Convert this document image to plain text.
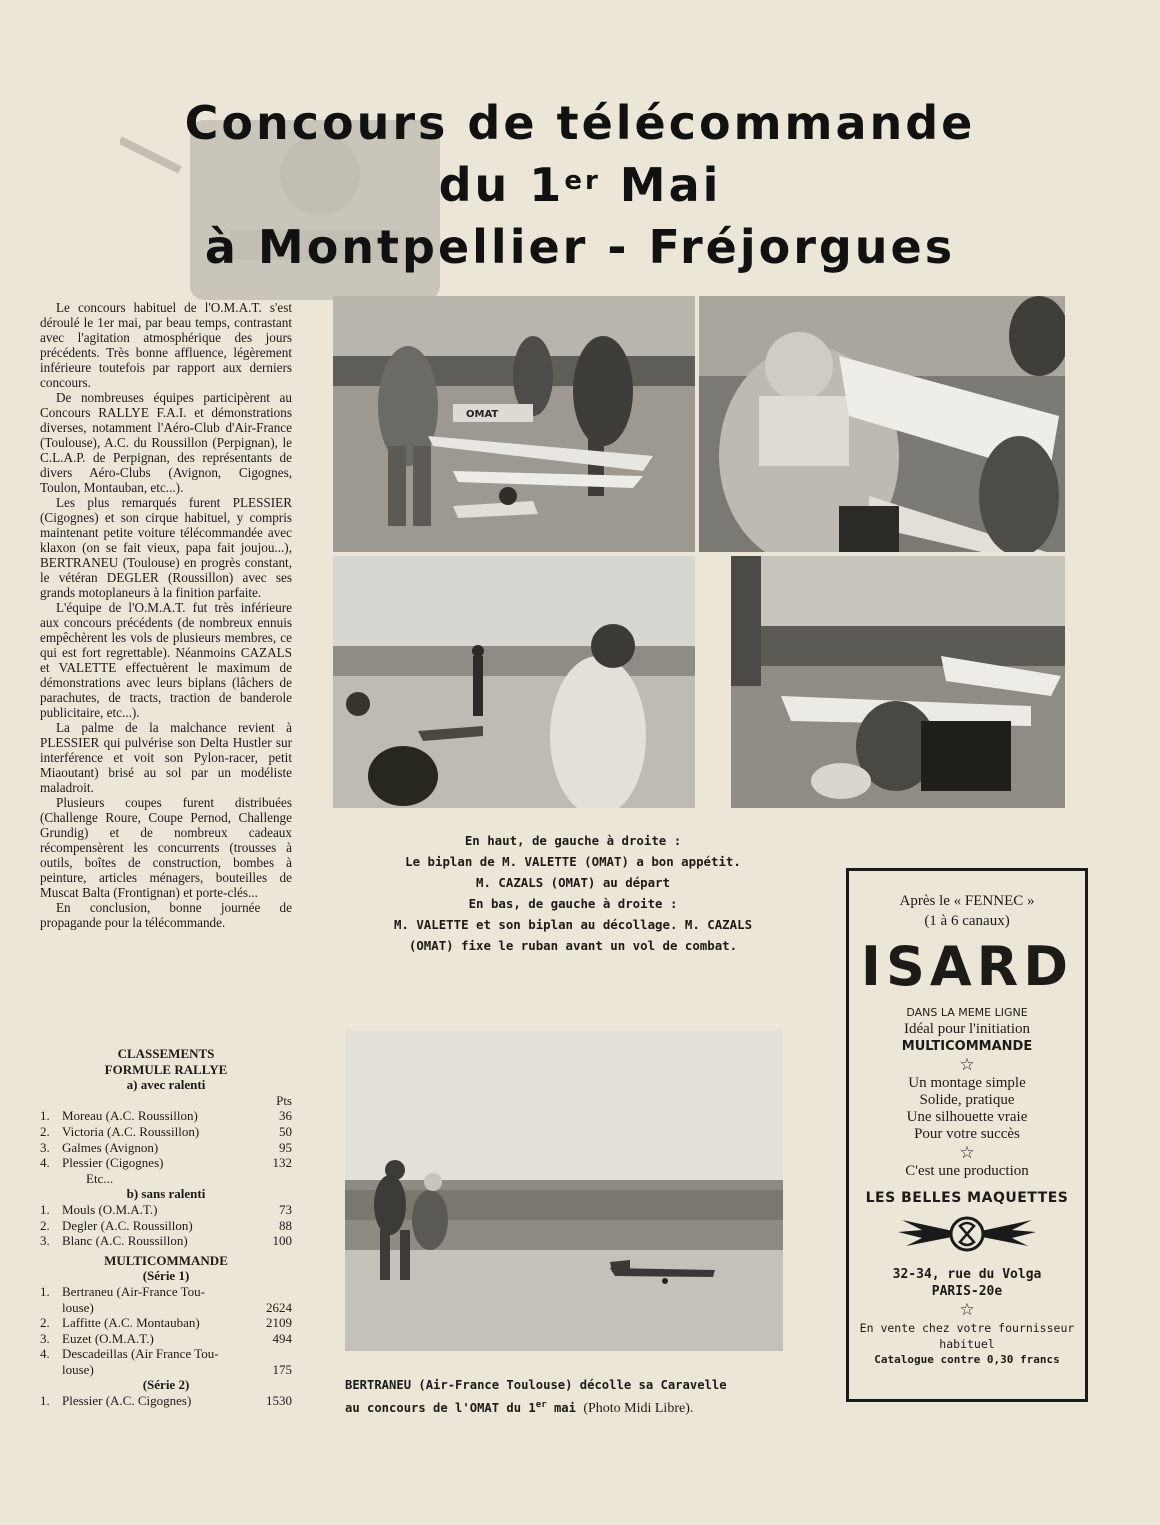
Concours de télécommande
du 1er Mai
à Montpellier - Fréjorgues

Le concours habituel de l'O.M.A.T. s'est déroulé le 1er mai, par beau temps, contrastant avec l'agitation atmosphérique des jours précédents. Très bonne affluence, légèrement inférieure toutefois par rapport aux derniers concours.

De nombreuses équipes participèrent au Concours RALLYE F.A.I. et démonstrations diverses, notamment l'Aéro-Club d'Air-France (Toulouse), A.C. du Roussillon (Perpignan), le C.L.A.P. de Perpignan, des représentants de divers Aéro-Clubs (Avignon, Cigognes, Toulon, Montauban, etc...).

Les plus remarqués furent PLESSIER (Cigognes) et son cirque habituel, y compris maintenant petite voiture télécommandée avec klaxon (on se fait vieux, papa fait joujou...), BERTRANEU (Toulouse) en progrès constant, le vétéran DEGLER (Roussillon) avec ses grands motoplaneurs à la finition parfaite.

L'équipe de l'O.M.A.T. fut très inférieure aux concours précédents (de nombreux ennuis empêchèrent les vols de plusieurs membres, ce qui est fort regrettable). Néanmoins CAZALS et VALETTE effectuèrent le maximum de démonstrations avec leurs biplans (lâchers de parachutes, de tracts, traction de banderole publicitaire, etc...).

La palme de la malchance revient à PLESSIER qui pulvérise son Delta Hustler sur interférence et voit son Pylon-racer, petit Miaoutant) brisé au sol par un modéliste maladroit.

Plusieurs coupes furent distribuées (Challenge Roure, Coupe Pernod, Challenge Grundig) et de nombreux cadeaux récompensèrent les concurrents (trousses à outils, boîtes de construction, bombes à peinture, articles ménagers, bouteilles de Muscat Balta (Frontignan) et porte-clés...

En conclusion, bonne journée de propagande pour la télécommande.

CLASSEMENTS
FORMULE RALLYE
a) avec ralenti
Pts
1. Moreau (A.C. Roussillon)	36
2. Victoria (A.C. Roussillon)	50
3. Galmes (Avignon)	95
4. Plessier (Cigognes)	132
Etc...
b) sans ralenti
1. Mouls (O.M.A.T.)	73
2. Degler (A.C. Roussillon)	88
3. Blanc (A.C. Roussillon)	100
MULTICOMMANDE
(Série 1)
1. Bertraneu (Air-France Tou-
louse)	2624
2. Laffitte (A.C. Montauban)	2109
3. Euzet (O.M.A.T.)	494
4. Descadeillas (Air France Tou-
louse)	175
(Série 2)
1. Plessier (A.C. Cigognes)	1530
OMAT
En haut, de gauche à droite :
Le biplan de M. VALETTE (OMAT) a bon appétit.
M. CAZALS (OMAT) au départ
En bas, de gauche à droite :
M. VALETTE et son biplan au décollage. M. CAZALS
(OMAT) fixe le ruban avant un vol de combat.
BERTRANEU (Air-France Toulouse) décolle sa Caravelle
au concours de l'OMAT du 1er mai (Photo Midi Libre).
Après le « FENNEC »
(1 à 6 canaux)
ISARD
DANS LA MEME LIGNE
Idéal pour l'initiation
MULTICOMMANDE
☆
Un montage simple
Solide, pratique
Une silhouette vraie
Pour votre succès
☆
C'est une production
LES BELLES MAQUETTES
32-34, rue du Volga
PARIS-20e
☆
En vente chez votre fournisseur
habituel
Catalogue contre 0,30 francs
